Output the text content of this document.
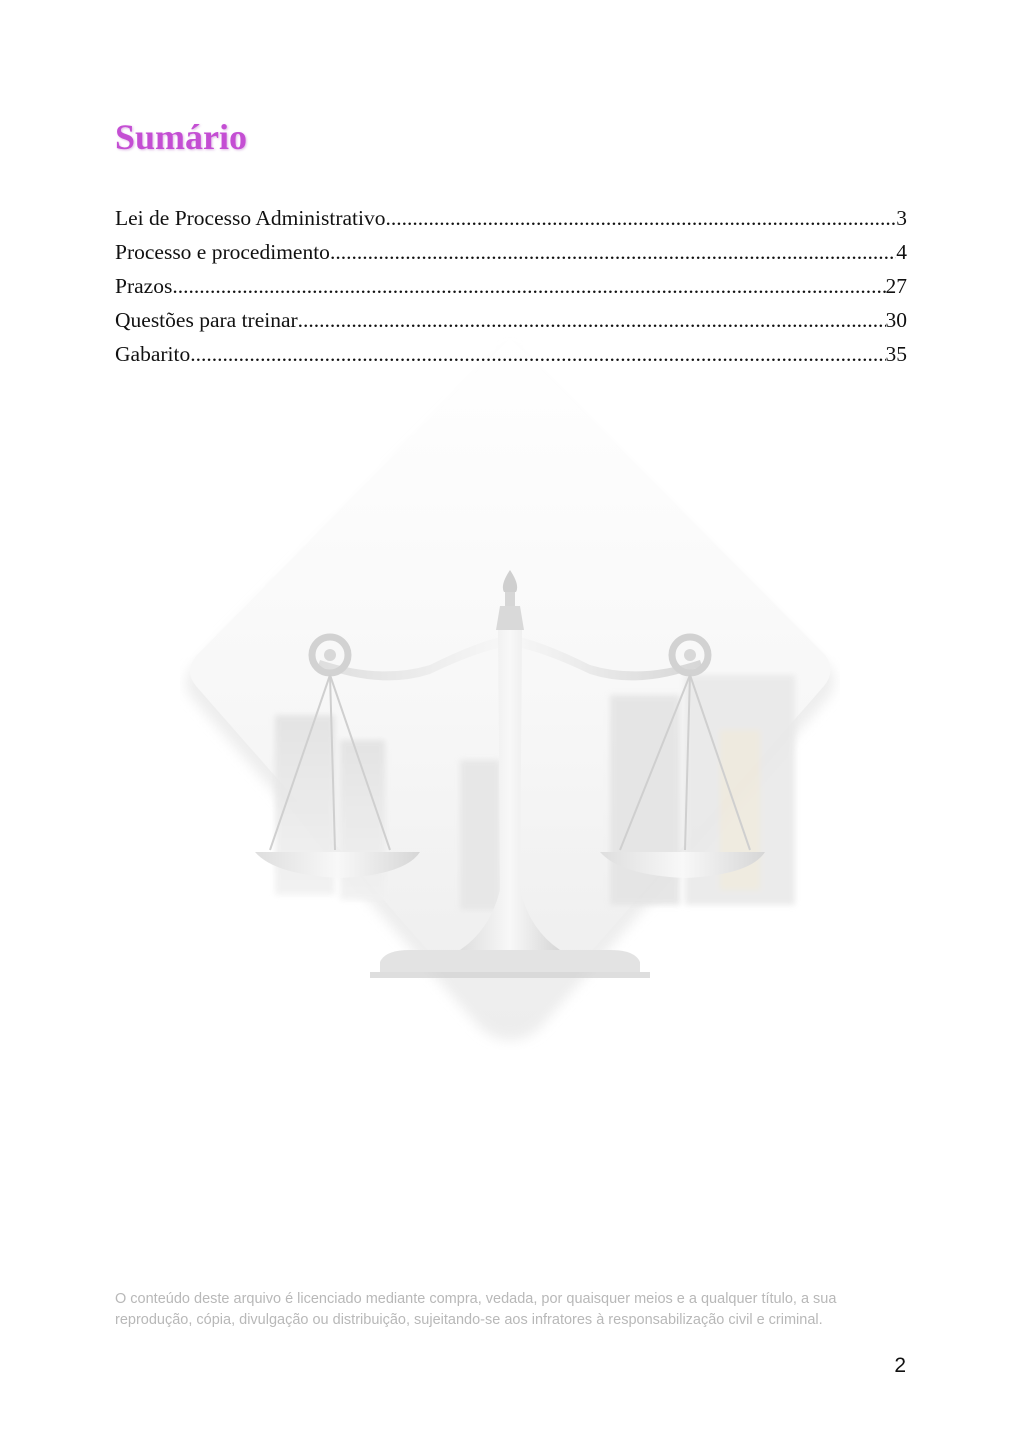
Sumário
Lei de Processo Administrativo .....	3
Processo e procedimento .....	4
Prazos .....	27
Questões para treinar .....	30
Gabarito .....	35

O conteúdo deste arquivo é licenciado mediante compra, vedada, por quaisquer meios e a qualquer título, a sua reprodução, cópia, divulgação ou distribuição, sujeitando-se aos infratores à responsabilização civil e criminal.

2
